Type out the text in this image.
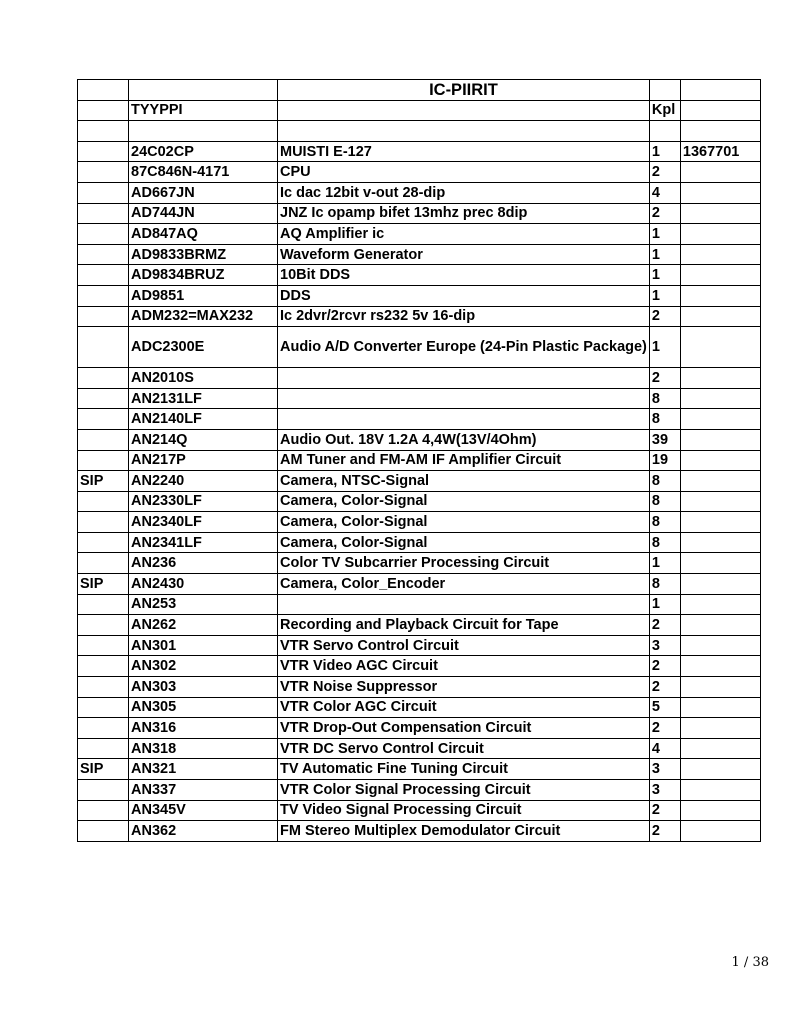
		IC-PIIRIT		
	TYYPPI		Kpl	

	24C02CP	MUISTI E-127	1	1367701
	87C846N-4171	CPU	2	
	AD667JN	Ic dac 12bit v-out 28-dip	4	
	AD744JN	JNZ Ic opamp bifet 13mhz prec 8dip	2	
	AD847AQ	AQ Amplifier ic	1	
	AD9833BRMZ	Waveform Generator	1	
	AD9834BRUZ	10Bit DDS	1	
	AD9851	DDS	1	
	ADM232=MAX232	Ic 2dvr/2rcvr rs232 5v 16-dip	2	
	ADC2300E	Audio A/D Converter Europe (24-Pin Plastic Package)	1	
	AN2010S		2	
	AN2131LF		8	
	AN2140LF		8	
	AN214Q	Audio Out. 18V 1.2A 4,4W(13V/4Ohm)	39	
	AN217P	AM Tuner and FM-AM IF Amplifier Circuit	19	
SIP	AN2240	Camera, NTSC-Signal	8	
	AN2330LF	Camera, Color-Signal	8	
	AN2340LF	Camera, Color-Signal	8	
	AN2341LF	Camera, Color-Signal	8	
	AN236	Color TV Subcarrier Processing Circuit	1	
SIP	AN2430	Camera, Color_Encoder	8	
	AN253		1	
	AN262	Recording and Playback Circuit for Tape	2	
	AN301	VTR Servo Control Circuit	3	
	AN302	VTR Video AGC Circuit	2	
	AN303	VTR Noise Suppressor	2	
	AN305	VTR Color AGC Circuit	5	
	AN316	VTR Drop-Out Compensation Circuit	2	
	AN318	VTR DC Servo Control Circuit	4	
SIP	AN321	TV Automatic Fine Tuning Circuit	3	
	AN337	VTR Color Signal Processing Circuit	3	
	AN345V	TV Video Signal Processing Circuit	2	
	AN362	FM Stereo Multiplex Demodulator Circuit	2	
1 / 38
